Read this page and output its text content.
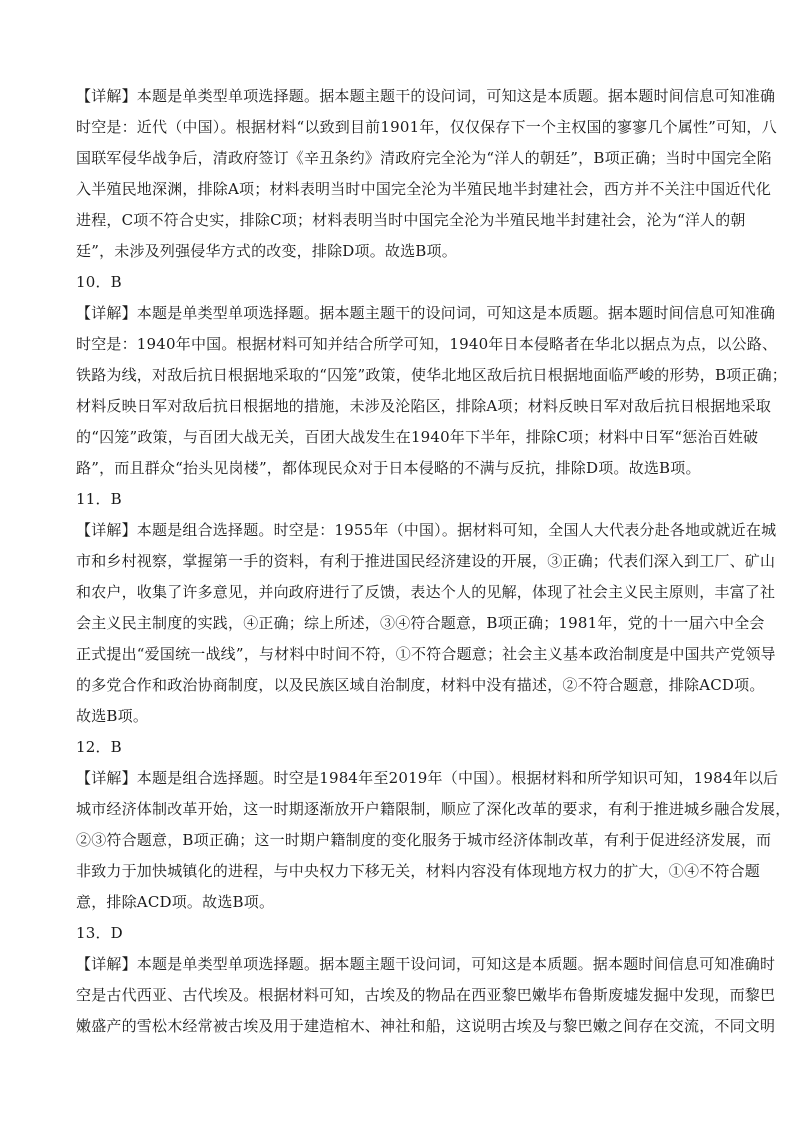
【详解】本题是单类型单项选择题。据本题主题干的设问词，可知这是本质题。据本题时间信息可知准确
时空是：近代（中国）。根据材料“以致到目前1901年，仅仅保存下一个主权国的寥寥几个属性”可知，八
国联军侵华战争后，清政府签订《辛丑条约》清政府完全沦为“洋人的朝廷”，B项正确；当时中国完全陷
入半殖民地深渊，排除A项；材料表明当时中国完全沦为半殖民地半封建社会，西方并不关注中国近代化
进程，C项不符合史实，排除C项；材料表明当时中国完全沦为半殖民地半封建社会，沦为“洋人的朝
廷”，未涉及列强侵华方式的改变，排除D项。故选B项。
10．B
【详解】本题是单类型单项选择题。据本题主题干的设问词，可知这是本质题。据本题时间信息可知准确
时空是：1940年中国。根据材料可知并结合所学可知，1940年日本侵略者在华北以据点为点，以公路、
铁路为线，对敌后抗日根据地采取的“囚笼”政策，使华北地区敌后抗日根据地面临严峻的形势，B项正确；
材料反映日军对敌后抗日根据地的措施，未涉及沦陷区，排除A项；材料反映日军对敌后抗日根据地采取
的“囚笼”政策，与百团大战无关，百团大战发生在1940年下半年，排除C项；材料中日军“惩治百姓破
路”，而且群众“抬头见岗楼”，都体现民众对于日本侵略的不满与反抗，排除D项。故选B项。
11．B
【详解】本题是组合选择题。时空是：1955年（中国）。据材料可知，全国人大代表分赴各地或就近在城
市和乡村视察，掌握第一手的资料，有利于推进国民经济建设的开展，③正确；代表们深入到工厂、矿山
和农户，收集了许多意见，并向政府进行了反馈，表达个人的见解，体现了社会主义民主原则，丰富了社
会主义民主制度的实践，④正确；综上所述，③④符合题意，B项正确；1981年，党的十一届六中全会
正式提出“爱国统一战线”，与材料中时间不符，①不符合题意；社会主义基本政治制度是中国共产党领导
的多党合作和政治协商制度，以及民族区域自治制度，材料中没有描述，②不符合题意，排除ACD项。
故选B项。
12．B
【详解】本题是组合选择题。时空是1984年至2019年（中国）。根据材料和所学知识可知，1984年以后
城市经济体制改革开始，这一时期逐渐放开户籍限制，顺应了深化改革的要求，有利于推进城乡融合发展，
②③符合题意，B项正确；这一时期户籍制度的变化服务于城市经济体制改革，有利于促进经济发展，而
非致力于加快城镇化的进程，与中央权力下移无关，材料内容没有体现地方权力的扩大，①④不符合题
意，排除ACD项。故选B项。
13．D
【详解】本题是单类型单项选择题。据本题主题干设问词，可知这是本质题。据本题时间信息可知准确时
空是古代西亚、古代埃及。根据材料可知，古埃及的物品在西亚黎巴嫩毕布鲁斯废墟发掘中发现，而黎巴
嫩盛产的雪松木经常被古埃及用于建造棺木、神社和船，这说明古埃及与黎巴嫩之间存在交流，不同文明
